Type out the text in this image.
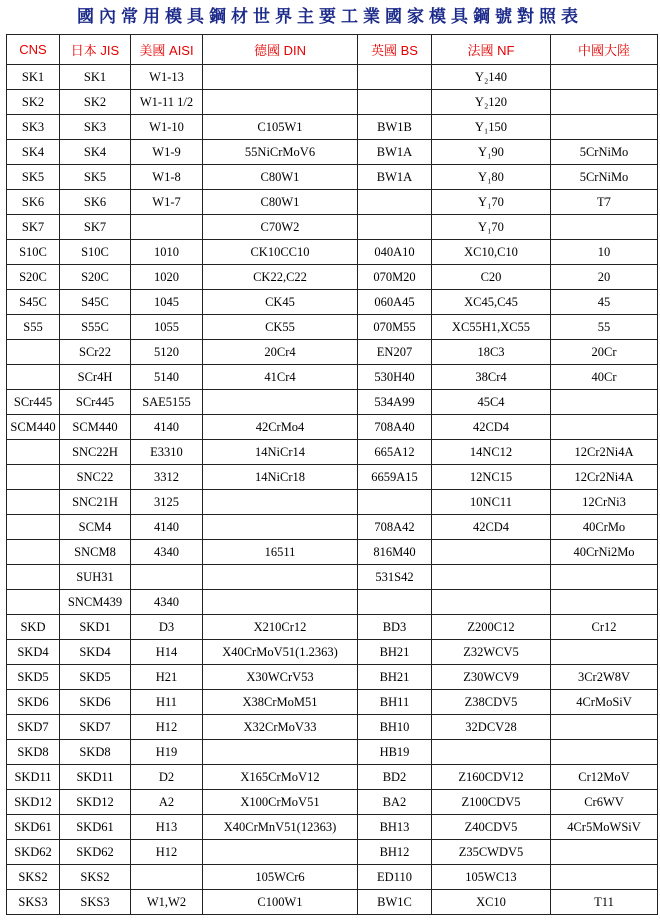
國內常用模具鋼材世界主要工業國家模具鋼號對照表
CNS	日本 JIS	美國 AISI	德國 DIN	英國 BS	法國 NF	中國大陸
SK1	SK1	W1-13			Y₂140	
SK2	SK2	W1-11 1/2			Y₂120	
SK3	SK3	W1-10	C105W1	BW1B	Y₁150	
SK4	SK4	W1-9	55NiCrMoV6	BW1A	Y₁90	5CrNiMo
SK5	SK5	W1-8	C80W1	BW1A	Y₁80	5CrNiMo
SK6	SK6	W1-7	C80W1		Y₁70	T7
SK7	SK7		C70W2		Y₁70	
S10C	S10C	1010	CK10CC10	040A10	XC10,C10	10
S20C	S20C	1020	CK22,C22	070M20	C20	20
S45C	S45C	1045	CK45	060A45	XC45,C45	45
S55	S55C	1055	CK55	070M55	XC55H1,XC55	55
	SCr22	5120	20Cr4	EN207	18C3	20Cr
	SCr4H	5140	41Cr4	530H40	38Cr4	40Cr
SCr445	SCr445	SAE5155		534A99	45C4	
SCM440	SCM440	4140	42CrMo4	708A40	42CD4	
	SNC22H	E3310	14NiCr14	665A12	14NC12	12Cr2Ni4A
	SNC22	3312	14NiCr18	6659A15	12NC15	12Cr2Ni4A
	SNC21H	3125			10NC11	12CrNi3
	SCM4	4140		708A42	42CD4	40CrMo
	SNCM8	4340	16511	816M40		40CrNi2Mo
	SUH31			531S42		
	SNCM439	4340				
SKD	SKD1	D3	X210Cr12	BD3	Z200C12	Cr12
SKD4	SKD4	H14	X40CrMoV51(1.2363)	BH21	Z32WCV5	
SKD5	SKD5	H21	X30WCrV53	BH21	Z30WCV9	3Cr2W8V
SKD6	SKD6	H11	X38CrMoM51	BH11	Z38CDV5	4CrMoSiV
SKD7	SKD7	H12	X32CrMoV33	BH10	32DCV28	
SKD8	SKD8	H19		HB19		
SKD11	SKD11	D2	X165CrMoV12	BD2	Z160CDV12	Cr12MoV
SKD12	SKD12	A2	X100CrMoV51	BA2	Z100CDV5	Cr6WV
SKD61	SKD61	H13	X40CrMnV51(12363)	BH13	Z40CDV5	4Cr5MoWSiV
SKD62	SKD62	H12		BH12	Z35CWDV5	
SKS2	SKS2		105WCr6	ED110	105WC13	
SKS3	SKS3	W1,W2	C100W1	BW1C	XC10	T11
